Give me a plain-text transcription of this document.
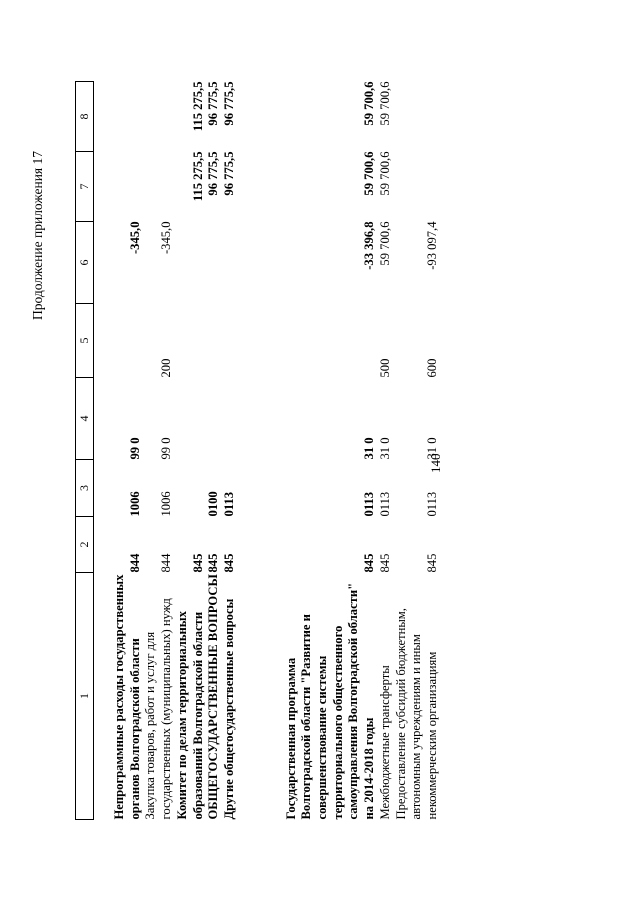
140
Продолжение приложения 17
1	2	3	4	5	6	7	8

Непрограммные расходы государственных органов Волгоградской области	844	1006	99 0		-345,0		
Закупка товаров, работ и услуг для государственных (муниципальных) нужд	844	1006	99 0	200	-345,0		
Комитет по делам территориальных образований Волгоградской области	845					115 275,5	115 275,5
ОБЩЕГОСУДАРСТВЕННЫЕ ВОПРОСЫ	845	0100				96 775,5	96 775,5
Другие общегосударственные вопросы	845	0113				96 775,5	96 775,5

Государственная программа Волгоградской области "Развитие и совершенствование системы территориального общественного самоуправления Волгоградской области" на 2014-2018 годы	845	0113	31 0		-33 396,8	59 700,6	59 700,6
Межбюджетные трансферты	845	0113	31 0	500	59 700,6	59 700,6	59 700,6
Предоставление субсидий бюджетным, автономным учреждениям и иным некоммерческим организациям	845	0113	31 0	600	-93 097,4		
